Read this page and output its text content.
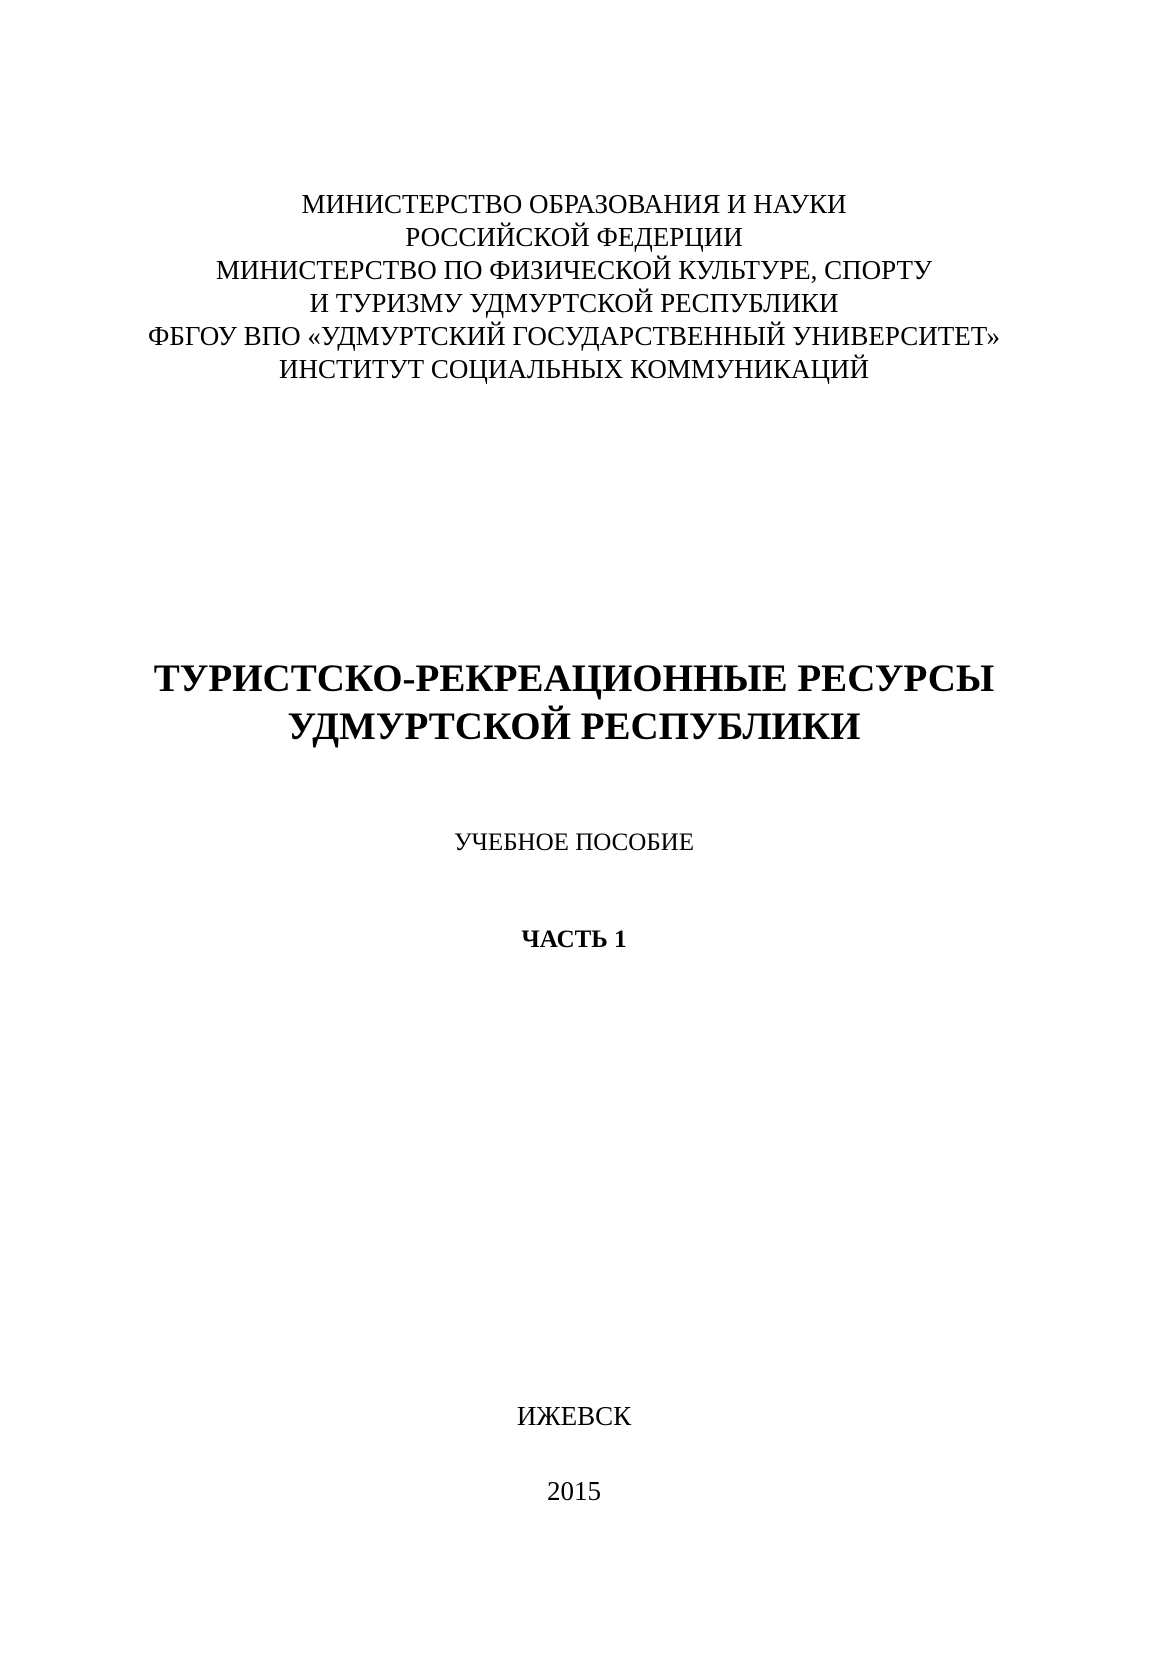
МИНИСТЕРСТВО ОБРАЗОВАНИЯ И НАУКИ
РОССИЙСКОЙ ФЕДЕРЦИИ
МИНИСТЕРСТВО ПО ФИЗИЧЕСКОЙ КУЛЬТУРЕ, СПОРТУ
И ТУРИЗМУ УДМУРТСКОЙ РЕСПУБЛИКИ
ФБГОУ ВПО «УДМУРТСКИЙ ГОСУДАРСТВЕННЫЙ УНИВЕРСИТЕТ»
ИНСТИТУТ СОЦИАЛЬНЫХ КОММУНИКАЦИЙ
ТУРИСТСКО-РЕКРЕАЦИОННЫЕ РЕСУРСЫ
УДМУРТСКОЙ РЕСПУБЛИКИ
УЧЕБНОЕ ПОСОБИЕ
ЧАСТЬ 1
ИЖЕВСК
2015
